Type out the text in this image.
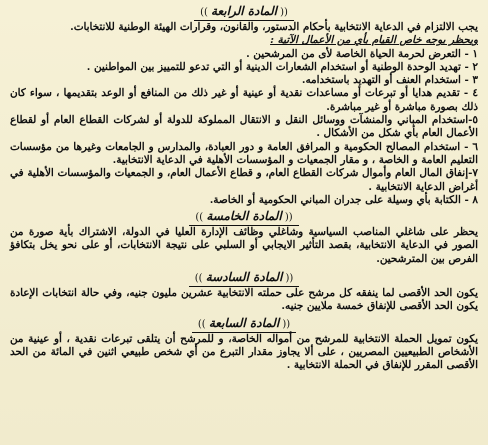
(( المادة الرابعة ))

يجب الالتزام في الدعاية الانتخابية بأحكام الدستور، والقانون، وقرارات الهيئة الوطنية للانتخابات.

ويحظر بوجه خاص القيام بأي من الأعمال الآتية :

١ - التعرض لحرمة الحياة الخاصة لأى من المرشحين .

٢ - تهديد الوحدة الوطنية أو استخدام الشعارات الدينية أو التي تدعو للتمييز بين المواطنين .

٣ - استخدام العنف أو التهديد باستخدامه.

٤ - تقديم هدايا أو تبرعات أو مساعدات نقدية أو عينية أو غير ذلك من المنافع أو الوعد بتقديمها ، سواء كان ذلك بصورة مباشرة أو غير مباشرة.

٥-استخدام المباني والمنشآت ووسائل النقل و الانتقال المملوكة للدولة أو لشركات القطاع العام أو لقطاع الأعمال العام بأي شكل من الأشكال .

٦ - استخدام المصالح الحكومية و المرافق العامة و دور العبادة، والمدارس و الجامعات وغيرها من مؤسسات التعليم العامة و الخاصة ، و مقار الجمعيات و المؤسسات الأهلية في الدعاية الانتخابية.

٧-إنفاق المال العام وأموال شركات القطاع العام، و قطاع الأعمال العام، و الجمعيات والمؤسسات الأهلية في أغراض الدعاية الانتخابية .

٨ - الكتابة بأي وسيلة على جدران المباني الحكومية أو الخاصة.

(( المادة الخامسة ))

يحظر على شاغلي المناصب السياسية وشاغلي وظائف الإدارة العليا في الدولة، الاشتراك بأية صورة من الصور في الدعاية الانتخابية، بقصد التأثير الايجابي أو السلبي على نتيجة الانتخابات، أو على نحو يخل بتكافؤ الفرص بين المترشحين.

(( المادة السادسة ))

يكون الحد الأقصى لما ينفقه كل مرشح على حملته الانتخابية عشرين مليون جنيه، وفي حالة انتخابات الإعادة يكون الحد الأقصى للإنفاق خمسة ملايين جنيه.

(( المادة السابعة ))

يكون تمويل الحملة الانتخابية للمرشح من أمواله الخاصة، و للمرشح أن يتلقى تبرعات نقدية ، أو عينية من الأشخاص الطبيعيين المصريين ، على ألا يجاوز مقدار التبرع من أي شخص طبيعي اثنين في المائة من الحد الأقصى المقرر للإنفاق في الحملة الانتخابية .
